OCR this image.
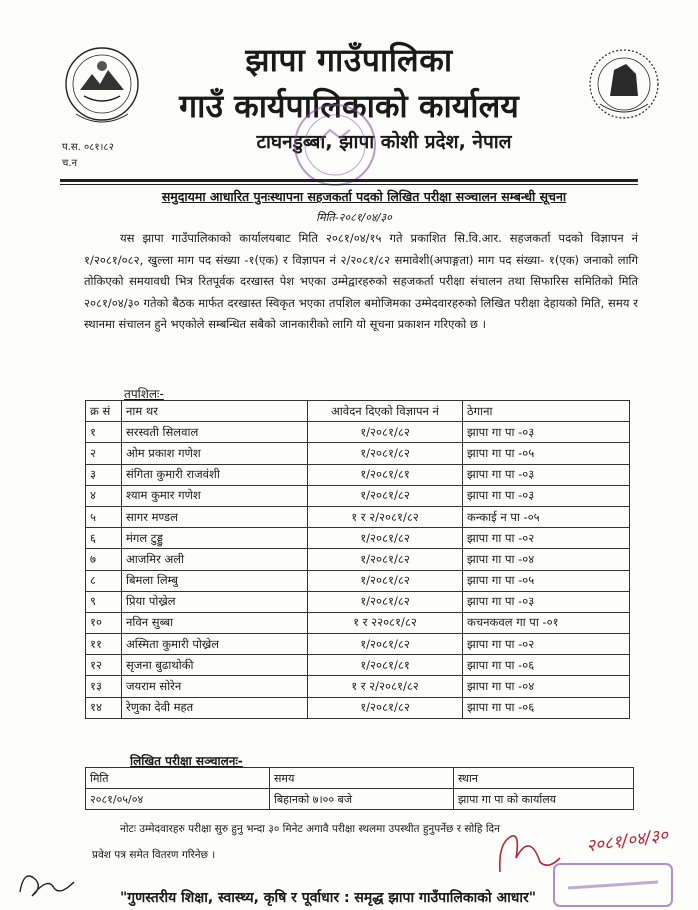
झापा गाउँपालिका
गाउँ कार्यपालिकाको कार्यालय
टाघनडुब्बा, झापा कोशी प्रदेश, नेपाल
प.स. ०८१।८२
च.न
समुदायमा आधारित पुनःस्थापना सहजकर्ता पदको लिखित परीक्षा सञ्चालन सम्बन्धी सूचना
मिति-२०८१/०४/३०

यस झापा गाउँपालिकाको कार्यालयबाट मिति २०८१/०४/१५ गते प्रकाशित सि.वि.आर. सहजकर्ता पदको विज्ञापन नं १/२०८१/०८२, खुल्ला माग पद संख्या -१(एक) र विज्ञापन नं २/२०८१/८२ समावेशी(अपाङ्गता) माग पद संख्या- १(एक) जनाको लागि तोकिएको समयावधी भित्र रितपूर्वक दरखास्त पेश भएका उम्मेद्वारहरुको सहजकर्ता परीक्षा संचालन तथा सिफारिस समितिको मिति २०८१/०४/३० गतेको बैठक मार्फत दरखास्त स्विकृत भएका तपशिल बमोजिमका उम्मेदवारहरुको लिखित परीक्षा देहायको मिति, समय र स्थानमा संचालन हुने भएकोले सम्बन्धित सबैको जानकारीको लागि यो सूचना प्रकाशन गरिएको छ ।

तपशिलः-
क्र सं	नाम थर	आवेदन दिएको विज्ञापन नं	ठेगाना
१	सरस्वती सिलवाल	१/२०८१/८२	झापा गा पा -०३
२	ओम प्रकाश गणेश	१/२०८१/८२	झापा गा पा -०५
३	संगिता कुमारी राजवंशी	१/२०८१/८१	झापा गा पा -०३
४	श्याम कुमार गणेश	१/२०८१/८२	झापा गा पा -०३
५	सागर मण्डल	१ र २/२०८१/८२	कन्काई न पा -०५
६	मंगल टुड्डु	१/२०८१/८२	झापा गा पा -०२
७	आजमिर अली	१/२०८१/८२	झापा गा पा -०४
८	बिमला लिम्बु	१/२०८१/८२	झापा गा पा -०५
९	प्रिया पोख्रेल	१/२०८१/८२	झापा गा पा -०३
१०	नविन सुब्बा	१ र २२०८१/८२	कचनकवल गा पा -०१
११	अस्मिता कुमारी पोख्रेल	१/२०८१/८२	झापा गा पा -०२
१२	सृजना बुढाथोकी	१/२०८१/८१	झापा गा पा -०६
१३	जयराम सोरेन	१ र २/२०८१/८२	झापा गा पा -०४
१४	रेणुका देवी महत	१/२०८१/८२	झापा गा पा -०६
लिखित परीक्षा सञ्चालनः-
मिति	समय	स्थान
२०८१/०५/०४	बिहानको ७।०० बजे	झापा गा पा को कार्यालय

नोटः उम्मेदवारहरु परीक्षा सुरु हुनु भन्दा ३० मिनेट अगावै परीक्षा स्थलमा उपस्थीत हुनुपर्नेछ र सोहि दिन

प्रवेश पत्र समेत वितरण गरिनेछ ।	२०८१/०४/३०
"गुणस्तरीय शिक्षा, स्वास्थ्य, कृषि र पूर्वाधार : समृद्ध झापा गाउँपालिकाको आधार"
